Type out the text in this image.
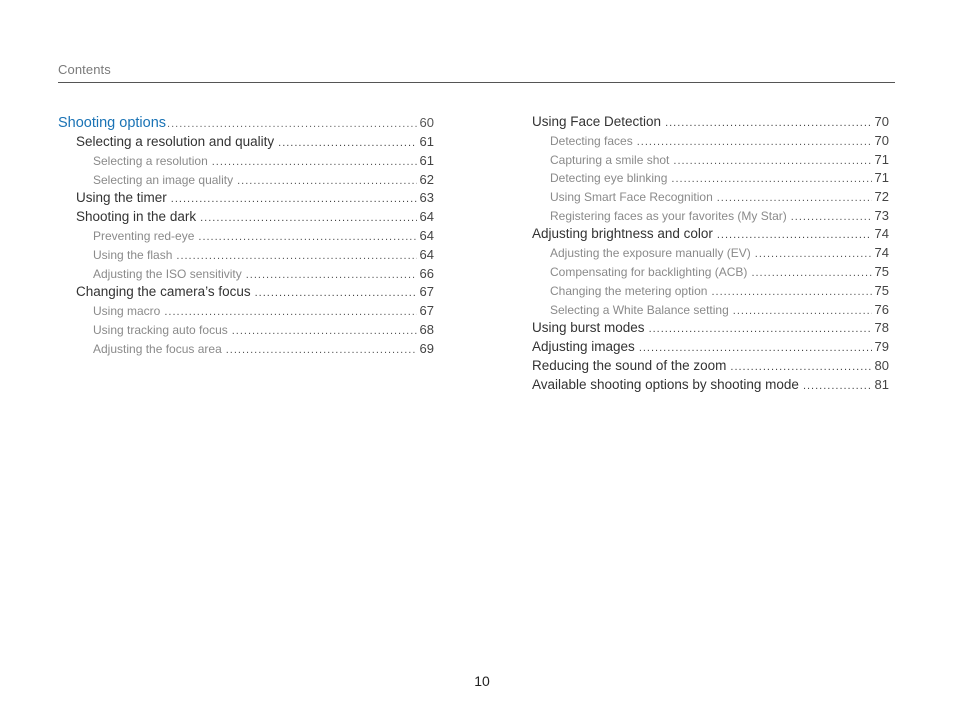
Contents
Shooting options .....	60
Selecting a resolution and quality .....	61
Selecting a resolution .....	61
Selecting an image quality .....	62
Using the timer .....	63
Shooting in the dark .....	64
Preventing red-eye .....	64
Using the flash .....	64
Adjusting the ISO sensitivity .....	66
Changing the camera’s focus .....	67
Using macro .....	67
Using tracking auto focus .....	68
Adjusting the focus area .....	69
Using Face Detection .....	70
Detecting faces .....	70
Capturing a smile shot .....	71
Detecting eye blinking .....	71
Using Smart Face Recognition .....	72
Registering faces as your favorites (My Star) .....	73
Adjusting brightness and color .....	74
Adjusting the exposure manually (EV) .....	74
Compensating for backlighting (ACB) .....	75
Changing the metering option .....	75
Selecting a White Balance setting .....	76
Using burst modes .....	78
Adjusting images .....	79
Reducing the sound of the zoom .....	80
Available shooting options by shooting mode .....	81
10
